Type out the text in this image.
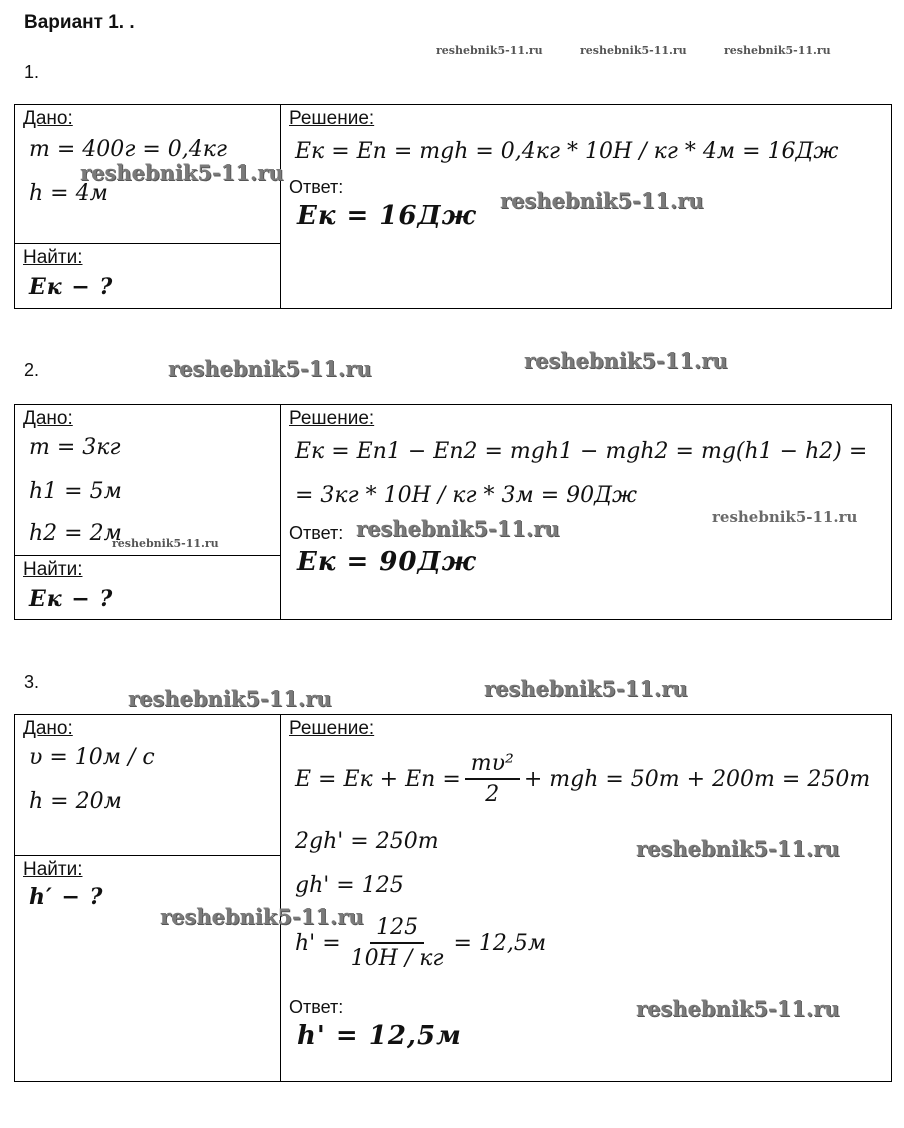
Вариант 1. .
reshebnik5-11.ru	reshebnik5-11.ru	reshebnik5-11.ru
1.
Дано:
m = 400г = 0,4кг
h = 4м

Решение:
Eк = Eп = mgh = 0,4кг * 10Н / кг * 4м = 16Дж
Ответ:
Eк = 16Дж

Найти:
Eк − ?
reshebnik5-11.ru
reshebnik5-11.ru
2.	reshebnik5-11.ru	reshebnik5-11.ru
Дано:
m = 3кг
h1 = 5м
h2 = 2м

Решение:
Eк = Eп1 − Eп2 = mgh1 − mgh2 = mg(h1 − h2) =
= 3кг * 10Н / кг * 3м = 90Дж
Ответ:
Eк = 90Дж

Найти:
Eк − ?
reshebnik5-11.ru
reshebnik5-11.ru	reshebnik5-11.ru
3.
reshebnik5-11.ru	reshebnik5-11.ru
Дано:
υ = 10м / с
h = 20м

Решение:
E = Eк + Eп = $\frac{\text{mυ²}}{2}$ + mgh = 50m + 200m = 250m
2gh' = 250m
gh' = 125
$h' = \frac{125}{10Н / кг} = 12,5м$
Ответ:
h' = 12,5м

Найти:
h′ − ?
reshebnik5-11.ru
reshebnik5-11.ru
reshebnik5-11.ru
